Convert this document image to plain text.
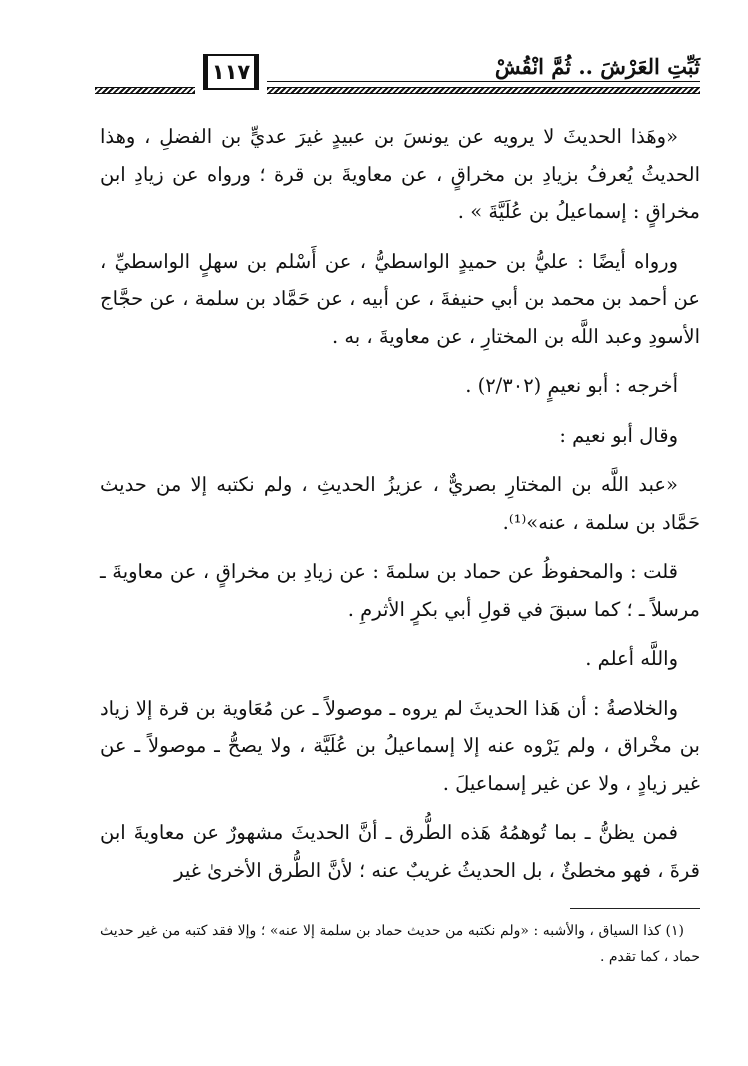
ثَبِّتِ العَرْشَ .. ثُمَّ انْقُشْ
١١٧

«وهَذا الحديثَ لا يرويه عن يونسَ بن عبيدٍ غيرَ عديٍّ بن الفضلِ ، وهذا الحديثُ يُعرفُ بزيادِ بن مخراقٍ ، عن معاويةَ بن قرة ؛ ورواه عن زيادِ ابن مخراقٍ : إسماعيلُ بن عُلَيَّةَ » .

ورواه أيضًا : عليُّ بن حميدٍ الواسطيُّ ، عن أَسْلم بن سهلٍ الواسطيِّ ، عن أحمد بن محمد بن أبي حنيفةَ ، عن أبيه ، عن حَمَّاد بن سلمة ، عن حجَّاج الأسودِ وعبد اللَّه بن المختارِ ، عن معاويةَ ، به .

أخرجه : أبو نعيمٍ (٢/٣٠٢) .

وقال أبو نعيم :

«عبد اللَّه بن المختارِ بصريٌّ ، عزيزُ الحديثِ ، ولم نكتبه إلا من حديث حَمَّاد بن سلمة ، عنه»⁽¹⁾.

قلت : والمحفوظُ عن حماد بن سلمةَ : عن زيادِ بن مخراقٍ ، عن معاويةَ ـ مرسلاً ـ ؛ كما سبقَ في قولِ أبي بكرٍ الأثرمِ .

واللَّه أعلم .

والخلاصةُ : أن هَذا الحديثَ لم يروه ـ موصولاً ـ عن مُعَاوية بن قرة إلا زياد بن مخْراق ، ولم يَرْوه عنه إلا إسماعيلُ بن عُلَيَّة ، ولا يصحُّ ـ موصولاً ـ عن غير زيادٍ ، ولا عن غير إسماعيلَ .

فمن يظنُّ ـ بما تُوهمُهُ هَذه الطُّرق ـ أنَّ الحديثَ مشهورٌ عن معاويةَ ابن قرةَ ، فهو مخطئٌ ، بل الحديثُ غريبٌ عنه ؛ لأنَّ الطُّرق الأخرىٰ غير

(١) كذا السياق ، والأشبه : «ولم نكتبه من حديث حماد بن سلمة إلا عنه» ؛ وإلا فقد كتبه من غير حديث حماد ، كما تقدم .
